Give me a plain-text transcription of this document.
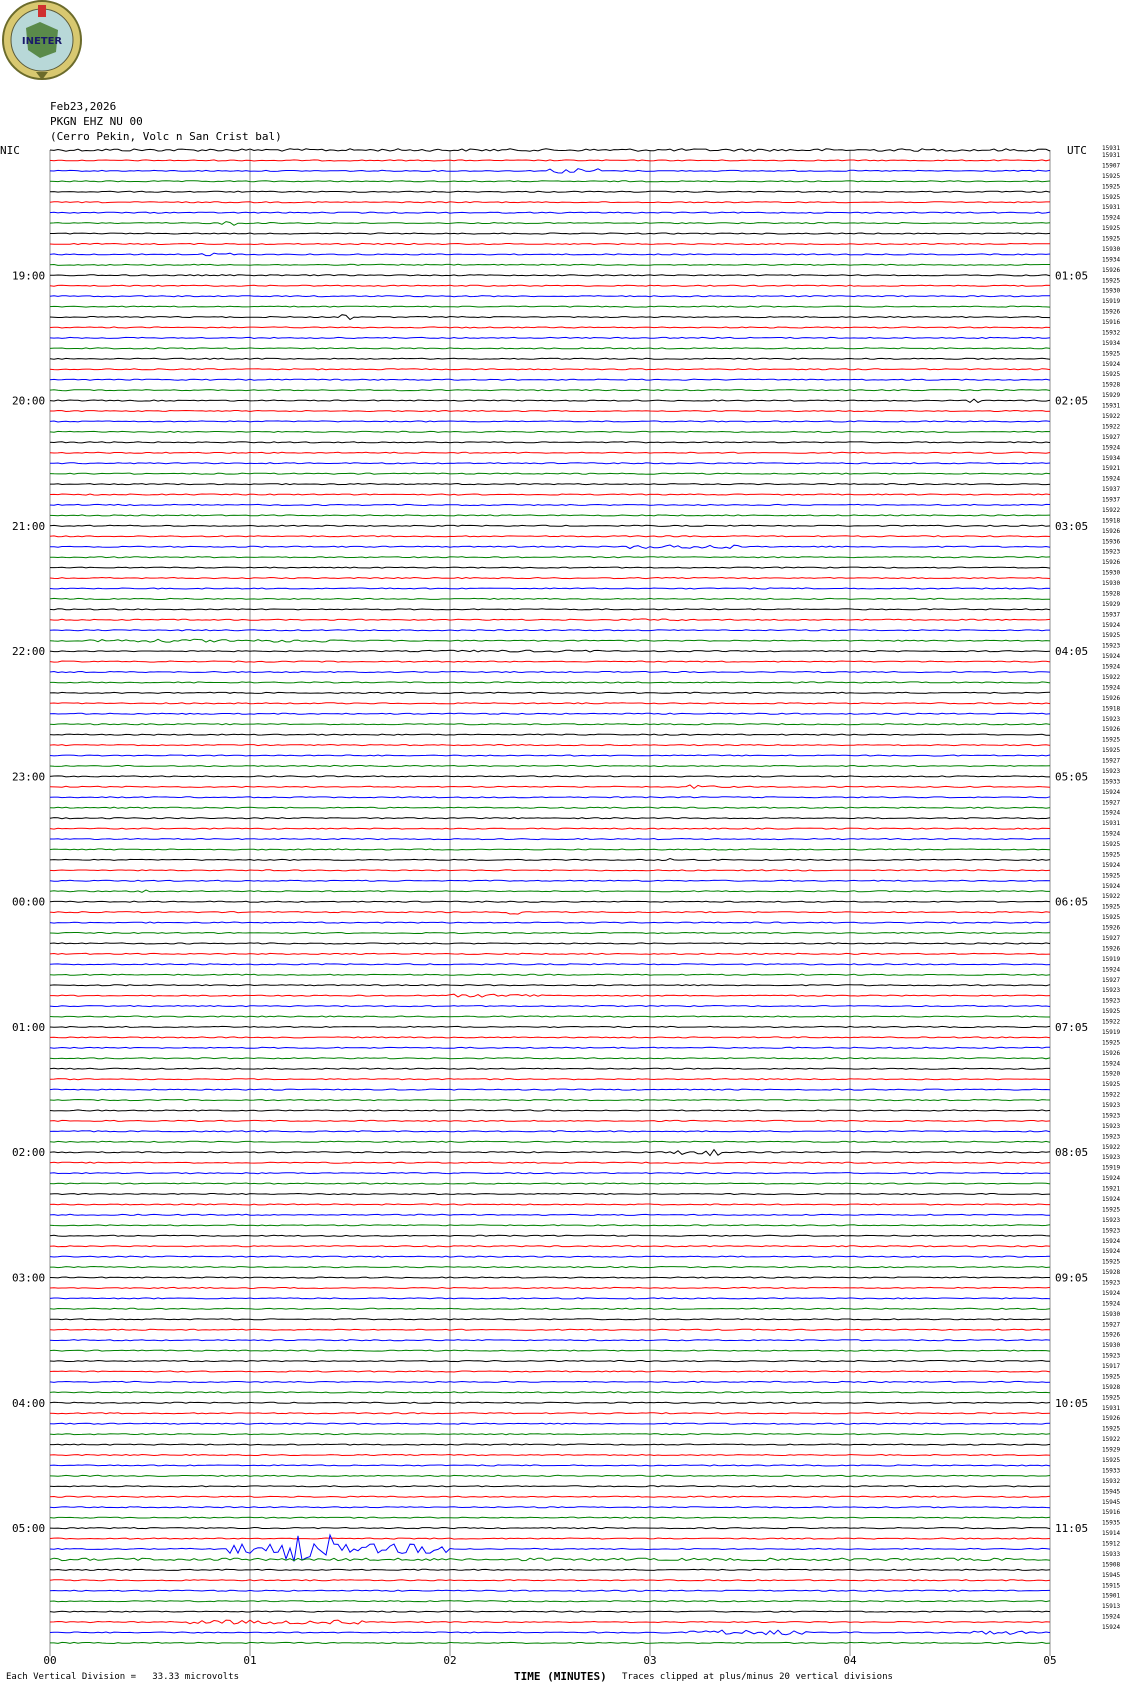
INETER
Feb23,2026
PKGN EHZ NU 00
(Cerro Pekin, Volc n San Crist bal)
NIC	UTC	15931
00	01	02	03	04	05
15931
15907
15925
15925
15925
15931
15924
15925
15925
15930
15934
15926
15925
15930
15919
15926
15916
15932
15934
15925
15924
15925
15928
15929
15931
15922
15922
15927
15924
15934
15921
15924
15937
15937
15922
15918
15926
15936
15923
15926
15930
15930
15928
15929
15937
15924
15925
15923
15924
15924
15922
15924
15926
15918
15923
15926
15925
15925
15927
15923
15933
15924
15927
15924
15931
15924
15925
15925
15924
15925
15924
15922
15925
15925
15926
15927
15926
15919
15924
15927
15923
15923
15925
15922
15919
15925
15926
15924
15920
15925
15922
15923
15923
15923
15923
15922
15923
15919
15924
15921
15924
15925
15923
15923
15924
15924
15925
15928
15923
15924
15924
15930
15927
15926
15930
15923
15917
15925
15928
15925
15931
15926
15925
15922
15929
15925
15933
15932
15945
15945
15916
15935
15914
15912
15933
15908
15945
15915
15901
15913
15924
15924
19:00	01:05
20:00	02:05
21:00	03:05
22:00	04:05
23:00	05:05
00:00	06:05
01:00	07:05
02:00	08:05
03:00	09:05
04:00	10:05
05:00	11:05
Each Vertical Division =   33.33 microvolts	Traces clipped at plus/minus 20 vertical divisions
TIME (MINUTES)
